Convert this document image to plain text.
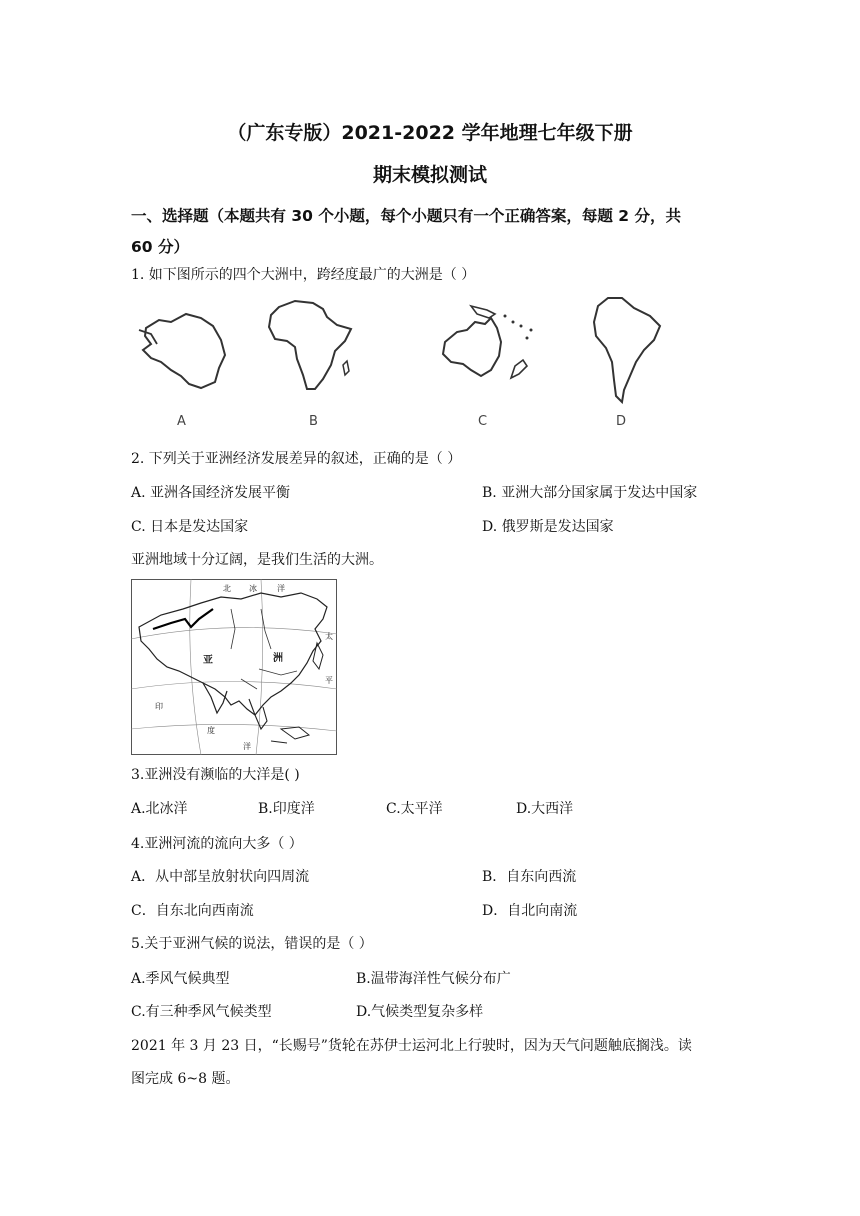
（广东专版）2021-2022 学年地理七年级下册
期末模拟测试
一、选择题（本题共有 30 个小题，每个小题只有一个正确答案，每题 2 分，共
60 分）
1. 如下图所示的四个大洲中，跨经度最广的大洲是（ ）
A	B	C	D
2. 下列关于亚洲经济发展差异的叙述，正确的是（ ）
A. 亚洲各国经济发展平衡	B. 亚洲大部分国家属于发达中国家
C. 日本是发达国家	D. 俄罗斯是发达国家
亚洲地域十分辽阔，是我们生活的大洲。
北 冰	洋
亚	洲
太
平
印
度
洋
3.亚洲没有濒临的大洋是( )
A.北冰洋	B.印度洋	C.太平洋	D.大西洋
4.亚洲河流的流向大多（ ）
A．从中部呈放射状向四周流	B．自东向西流
C．自东北向西南流	D．自北向南流
5.关于亚洲气候的说法，错误的是（ ）
A.季风气候典型	B.温带海洋性气候分布广
C.有三种季风气候类型	D.气候类型复杂多样
2021 年 3 月 23 日，“长赐号”货轮在苏伊士运河北上行驶时，因为天气问题触底搁浅。读
图完成 6~8 题。
